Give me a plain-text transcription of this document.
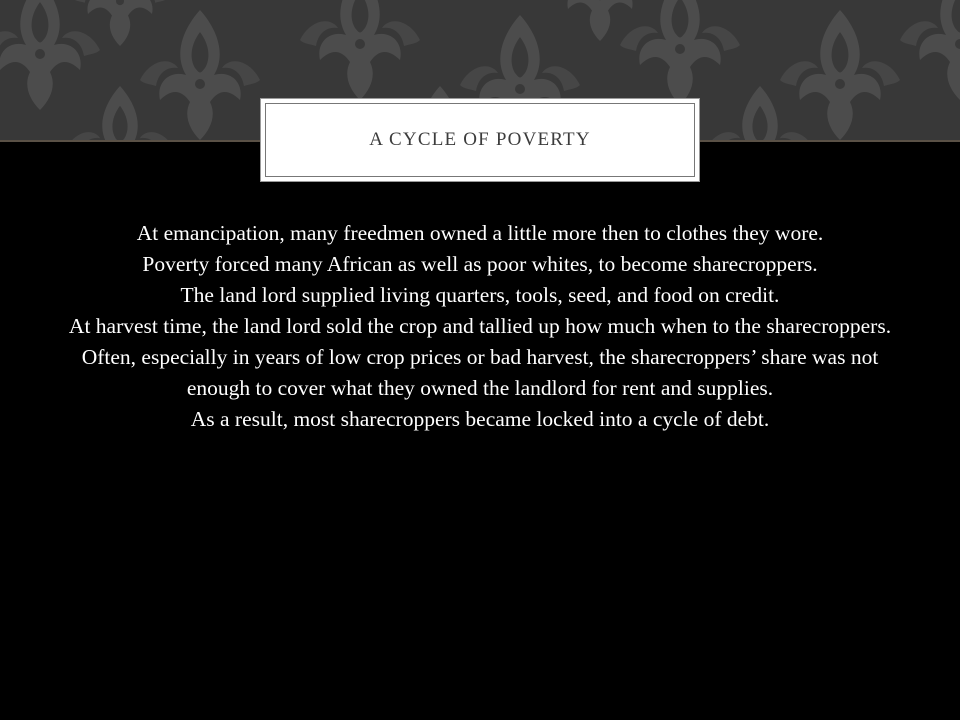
A CYCLE OF POVERTY

At emancipation, many freedmen owned a little more then to clothes they wore.

Poverty forced many African as well as poor whites, to become sharecroppers.

The land lord supplied living quarters, tools, seed, and food on credit.

At harvest time, the land lord sold the crop and tallied up how much when to the sharecroppers.

Often, especially in years of low crop prices or bad harvest, the sharecroppers’ share was not enough to cover what they owned the landlord for rent and supplies.

As a result, most sharecroppers became locked into a cycle of debt.
